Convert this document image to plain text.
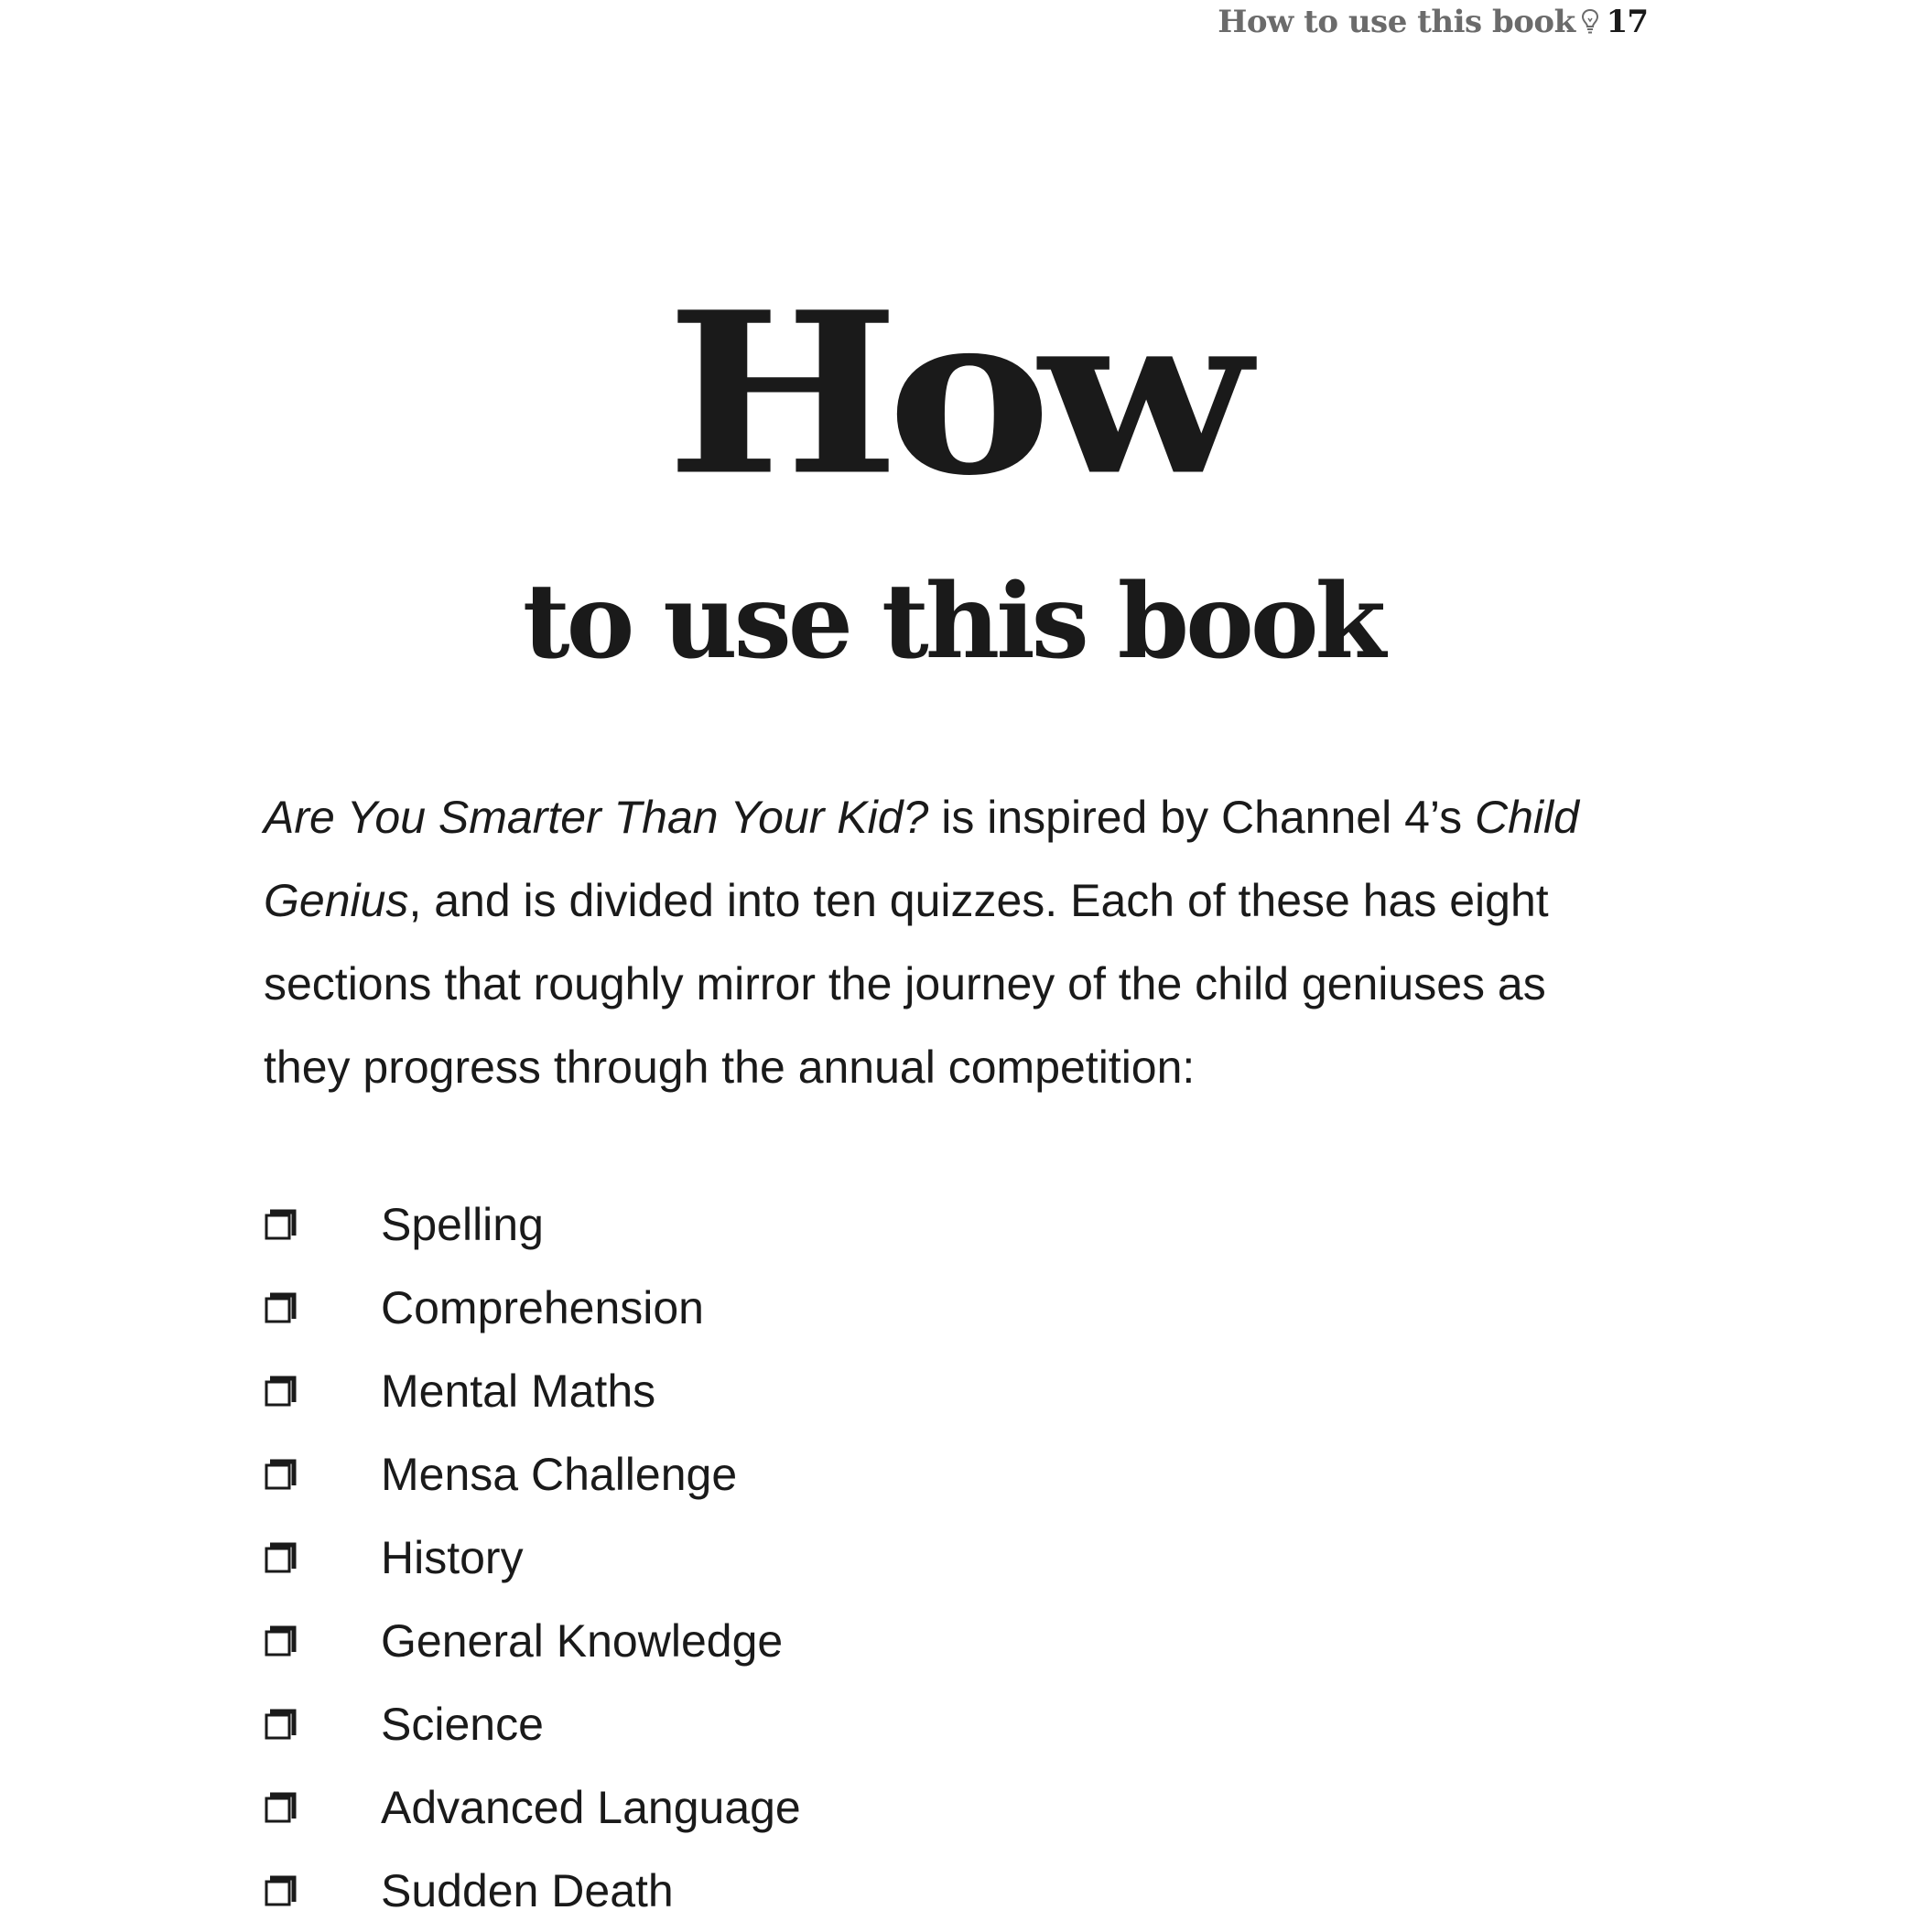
How to use this book 17
How
to use this book

Are You Smarter Than Your Kid? is inspired by Channel 4’s Child Genius, and is divided into ten quizzes. Each of these has eight sections that roughly mirror the journey of the child geniuses as they progress through the annual competition:

Spelling
Comprehension
Mental Maths
Mensa Challenge
History
General Knowledge
Science
Advanced Language
Sudden Death
